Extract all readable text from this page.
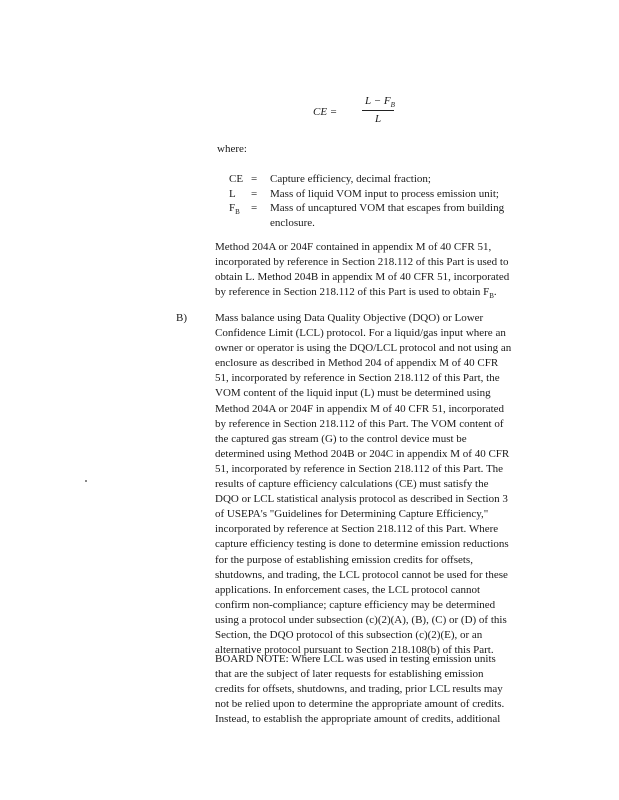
CE =
$L - F_B$
L
where:
CE =	Capture efficiency, decimal fraction;
L	=	Mass of liquid VOM input to process emission unit;
$F_B$	=	Mass of uncaptured VOM that escapes from building
enclosure.
Method 204A or 204F contained in appendix M of 40 CFR 51,
incorporated by reference in Section 218.112 of this Part is used to
obtain L. Method 204B in appendix M of 40 CFR 51, incorporated
by reference in Section 218.112 of this Part is used to obtain $F_B$.
B)	Mass balance using Data Quality Objective (DQO) or Lower
Confidence Limit (LCL) protocol. For a liquid/gas input where an
owner or operator is using the DQO/LCL protocol and not using an
enclosure as described in Method 204 of appendix M of 40 CFR
51, incorporated by reference in Section 218.112 of this Part, the
VOM content of the liquid input (L) must be determined using
Method 204A or 204F in appendix M of 40 CFR 51, incorporated
by reference in Section 218.112 of this Part. The VOM content of
the captured gas stream (G) to the control device must be
determined using Method 204B or 204C in appendix M of 40 CFR
51, incorporated by reference in Section 218.112 of this Part. The
results of capture efficiency calculations (CE) must satisfy the
DQO or LCL statistical analysis protocol as described in Section 3
of USEPA's "Guidelines for Determining Capture Efficiency,"
incorporated by reference at Section 218.112 of this Part. Where
capture efficiency testing is done to determine emission reductions
for the purpose of establishing emission credits for offsets,
shutdowns, and trading, the LCL protocol cannot be used for these
applications. In enforcement cases, the LCL protocol cannot
confirm non-compliance; capture efficiency may be determined
using a protocol under subsection (c)(2)(A), (B), (C) or (D) of this
Section, the DQO protocol of this subsection (c)(2)(E), or an
alternative protocol pursuant to Section 218.108(b) of this Part.
BOARD NOTE: Where LCL was used in testing emission units
that are the subject of later requests for establishing emission
credits for offsets, shutdowns, and trading, prior LCL results may
not be relied upon to determine the appropriate amount of credits.
Instead, to establish the appropriate amount of credits, additional
